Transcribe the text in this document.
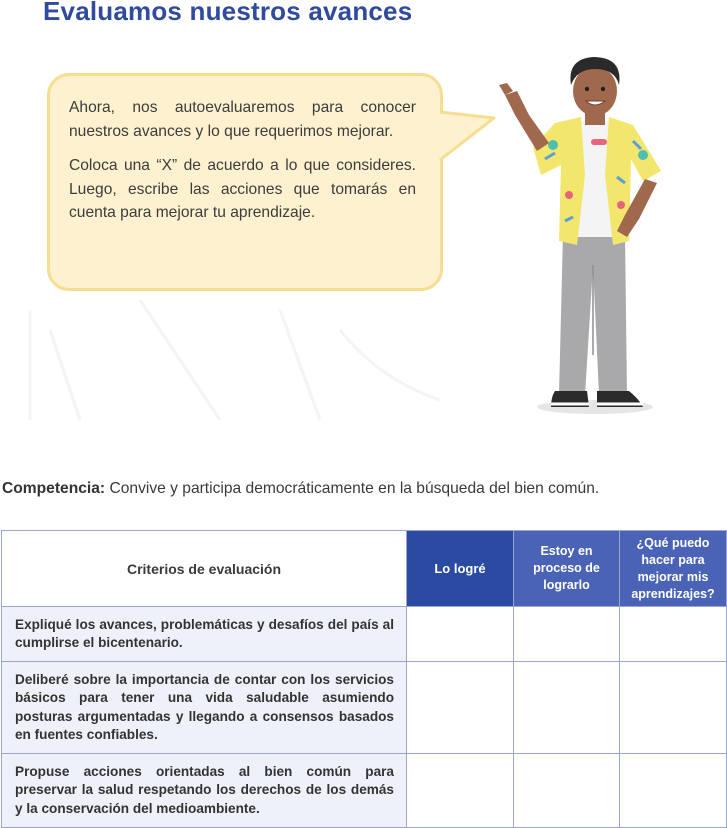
Evaluamos nuestros avances

Ahora, nos autoevaluaremos para conocer nuestros avances y lo que requerimos mejorar.

Coloca una “X” de acuerdo a lo que consideres. Luego, escribe las acciones que tomarás en cuenta para mejorar tu aprendizaje.

Competencia: Convive y participa democráticamente en la búsqueda del bien común.
Criterios de evaluación	Lo logré	Estoy en proceso de lograrlo	¿Qué puedo hacer para mejorar mis aprendizajes?
Expliqué los avances, problemáticas y desafíos del país al cumplirse el bicentenario.			
Deliberé sobre la importancia de contar con los servicios básicos para tener una vida saludable asumiendo posturas argumentadas y llegando a consensos basados en fuentes confiables.			
Propuse acciones orientadas al bien común para preservar la salud respetando los derechos de los demás y la conservación del medioambiente.			
